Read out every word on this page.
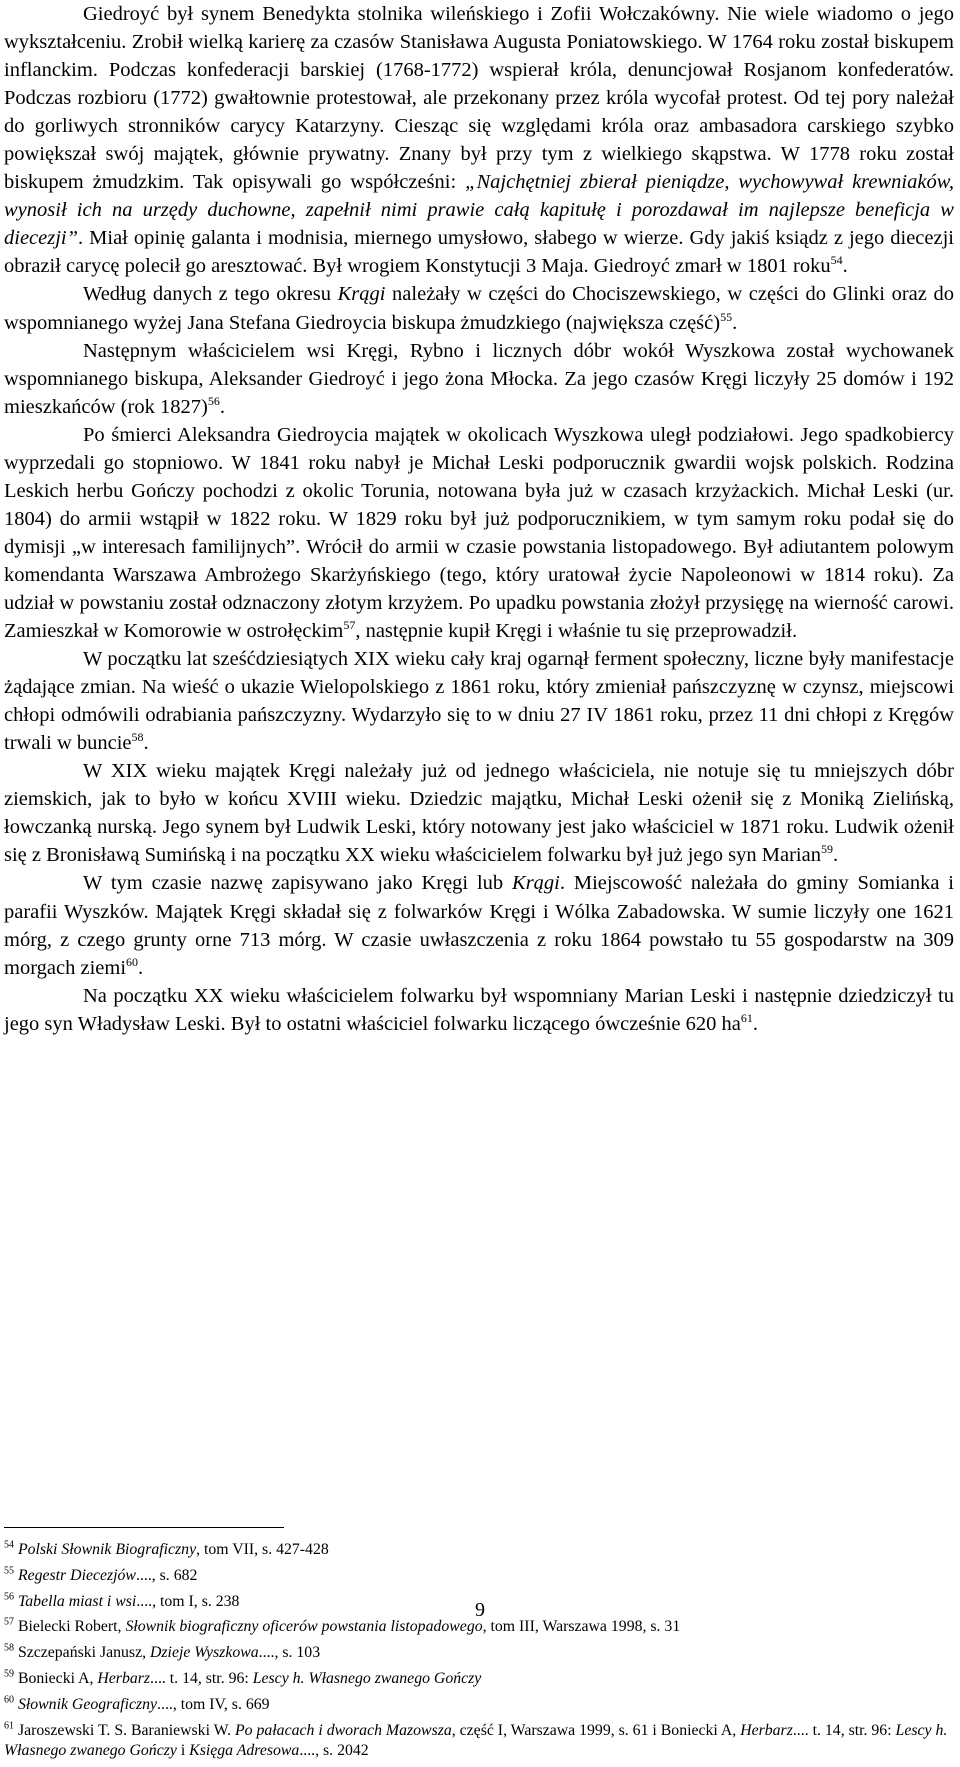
Giedroyć był synem Benedykta stolnika wileńskiego i Zofii Wołczakówny. Nie wiele wiadomo o jego wykształceniu. Zrobił wielką karierę za czasów Stanisława Augusta Poniatowskiego. W 1764 roku został biskupem inflanckim. Podczas konfederacji barskiej (1768-1772) wspierał króla, denuncjował Rosjanom konfederatów. Podczas rozbioru (1772) gwałtownie protestował, ale przekonany przez króla wycofał protest. Od tej pory należał do gorliwych stronników carycy Katarzyny. Ciesząc się względami króla oraz ambasadora carskiego szybko powiększał swój majątek, głównie prywatny. Znany był przy tym z wielkiego skąpstwa. W 1778 roku został biskupem żmudzkim. Tak opisywali go współcześni: „Najchętniej zbierał pieniądze, wychowywał krewniaków, wynosił ich na urzędy duchowne, zapełnił nimi prawie całą kapitułę i porozdawał im najlepsze beneficja w diecezji”. Miał opinię galanta i modnisia, miernego umysłowo, słabego w wierze. Gdy jakiś ksiądz z jego diecezji obraził carycę polecił go aresztować. Był wrogiem Konstytucji 3 Maja. Giedroyć zmarł w 1801 roku$^{54}$.

Według danych z tego okresu Krągi należały w części do Chociszewskiego, w części do Glinki oraz do wspomnianego wyżej Jana Stefana Giedroycia biskupa żmudzkiego (największa część)$^{55}$.

Następnym właścicielem wsi Kręgi, Rybno i licznych dóbr wokół Wyszkowa został wychowanek wspomnianego biskupa, Aleksander Giedroyć i jego żona Młocka. Za jego czasów Kręgi liczyły 25 domów i 192 mieszkańców (rok 1827)$^{56}$.

Po śmierci Aleksandra Giedroycia majątek w okolicach Wyszkowa uległ podziałowi. Jego spadkobiercy wyprzedali go stopniowo. W 1841 roku nabył je Michał Leski podporucznik gwardii wojsk polskich. Rodzina Leskich herbu Gończy pochodzi z okolic Torunia, notowana była już w czasach krzyżackich. Michał Leski (ur. 1804) do armii wstąpił w 1822 roku. W 1829 roku był już podporucznikiem, w tym samym roku podał się do dymisji „w interesach familijnych”. Wrócił do armii w czasie powstania listopadowego. Był adiutantem polowym komendanta Warszawa Ambrożego Skarżyńskiego (tego, który uratował życie Napoleonowi w 1814 roku). Za udział w powstaniu został odznaczony złotym krzyżem. Po upadku powstania złożył przysięgę na wierność carowi. Zamieszkał w Komorowie w ostrołęckim$^{57}$, następnie kupił Kręgi i właśnie tu się przeprowadził.

W początku lat sześćdziesiątych XIX wieku cały kraj ogarnął ferment społeczny, liczne były manifestacje żądające zmian. Na wieść o ukazie Wielopolskiego z 1861 roku, który zmieniał pańszczyznę w czynsz, miejscowi chłopi odmówili odrabiania pańszczyzny. Wydarzyło się to w dniu 27 IV 1861 roku, przez 11 dni chłopi z Kręgów trwali w buncie$^{58}$.

W XIX wieku majątek Kręgi należały już od jednego właściciela, nie notuje się tu mniejszych dóbr ziemskich, jak to było w końcu XVIII wieku. Dziedzic majątku, Michał Leski ożenił się z Moniką Zielińską, łowczanką nurską. Jego synem był Ludwik Leski, który notowany jest jako właściciel w 1871 roku. Ludwik ożenił się z Bronisławą Sumińską i na początku XX wieku właścicielem folwarku był już jego syn Marian$^{59}$.

W tym czasie nazwę zapisywano jako Kręgi lub Krągi. Miejscowość należała do gminy Somianka i parafii Wyszków. Majątek Kręgi składał się z folwarków Kręgi i Wólka Zabadowska. W sumie liczyły one 1621 mórg, z czego grunty orne 713 mórg. W czasie uwłaszczenia z roku 1864 powstało tu 55 gospodarstw na 309 morgach ziemi$^{60}$.

Na początku XX wieku właścicielem folwarku był wspomniany Marian Leski i następnie dziedziczył tu jego syn Władysław Leski. Był to ostatni właściciel folwarku liczącego ówcześnie 620 $ha^{61}$.

$^{54}$ Polski Słownik Biograficzny, tom VII, s. 427-428
$^{55}$ Regestr Diecezjów...., s. 682
$^{56}$ Tabella miast i wsi...., tom I, s. 238
$^{57}$ Bielecki Robert, Słownik biograficzny oficerów powstania listopadowego, tom III, Warszawa 1998, s. 31
$^{58}$ Szczepański Janusz, Dzieje Wyszkowa...., s. 103
$^{59}$ Boniecki A, Herbarz.... t. 14, str. 96: Lescy h. Własnego zwanego Gończy
$^{60}$ Słownik Geograficzny...., tom IV, s. 669
$^{61}$ Jaroszewski T. S. Baraniewski W. Po pałacach i dworach Mazowsza, część I, Warszawa 1999, s. 61 i Boniecki A, Herbarz.... t. 14, str. 96: Lescy h. Własnego zwanego Gończy i Księga Adresowa...., s. 2042
9
